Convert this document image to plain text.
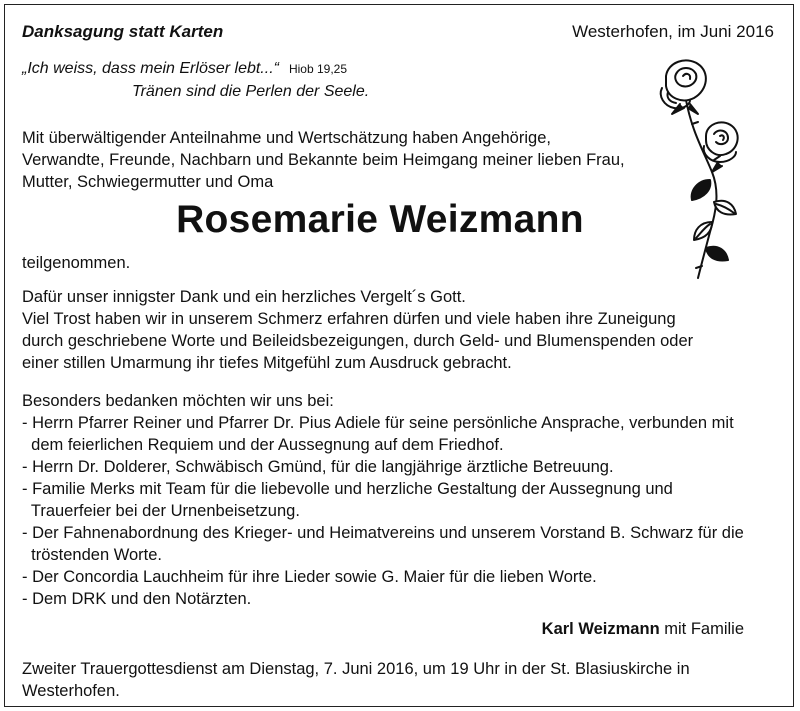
Danksagung statt Karten	Westerhofen, im Juni 2016
„Ich weiss, dass mein Erlöser lebt...“ Hiob 19,25
Tränen sind die Perlen der Seele.
Mit überwältigender Anteilnahme und Wertschätzung haben Angehörige,
Verwandte, Freunde, Nachbarn und Bekannte beim Heimgang meiner lieben Frau,
Mutter, Schwiegermutter und Oma
Rosemarie Weizmann
teilgenommen.
Dafür unser innigster Dank und ein herzliches Vergelt´s Gott.
Viel Trost haben wir in unserem Schmerz erfahren dürfen und viele haben ihre Zuneigung
durch geschriebene Worte und Beileidsbezeigungen, durch Geld- und Blumenspenden oder
einer stillen Umarmung ihr tiefes Mitgefühl zum Ausdruck gebracht.
Besonders bedanken möchten wir uns bei:
- Herrn Pfarrer Reiner und Pfarrer Dr. Pius Adiele für seine persönliche Ansprache, verbunden mit
dem feierlichen Requiem und der Aussegnung auf dem Friedhof.
- Herrn Dr. Dolderer, Schwäbisch Gmünd, für die langjährige ärztliche Betreuung.
- Familie Merks mit Team für die liebevolle und herzliche Gestaltung der Aussegnung und
Trauerfeier bei der Urnenbeisetzung.
- Der Fahnenabordnung des Krieger- und Heimatvereins und unserem Vorstand B. Schwarz für die
tröstenden Worte.
- Der Concordia Lauchheim für ihre Lieder sowie G. Maier für die lieben Worte.
- Dem DRK und den Notärzten.
Karl Weizmann mit Familie
Zweiter Trauergottesdienst am Dienstag, 7. Juni 2016, um 19 Uhr in der St. Blasiuskirche in
Westerhofen.
